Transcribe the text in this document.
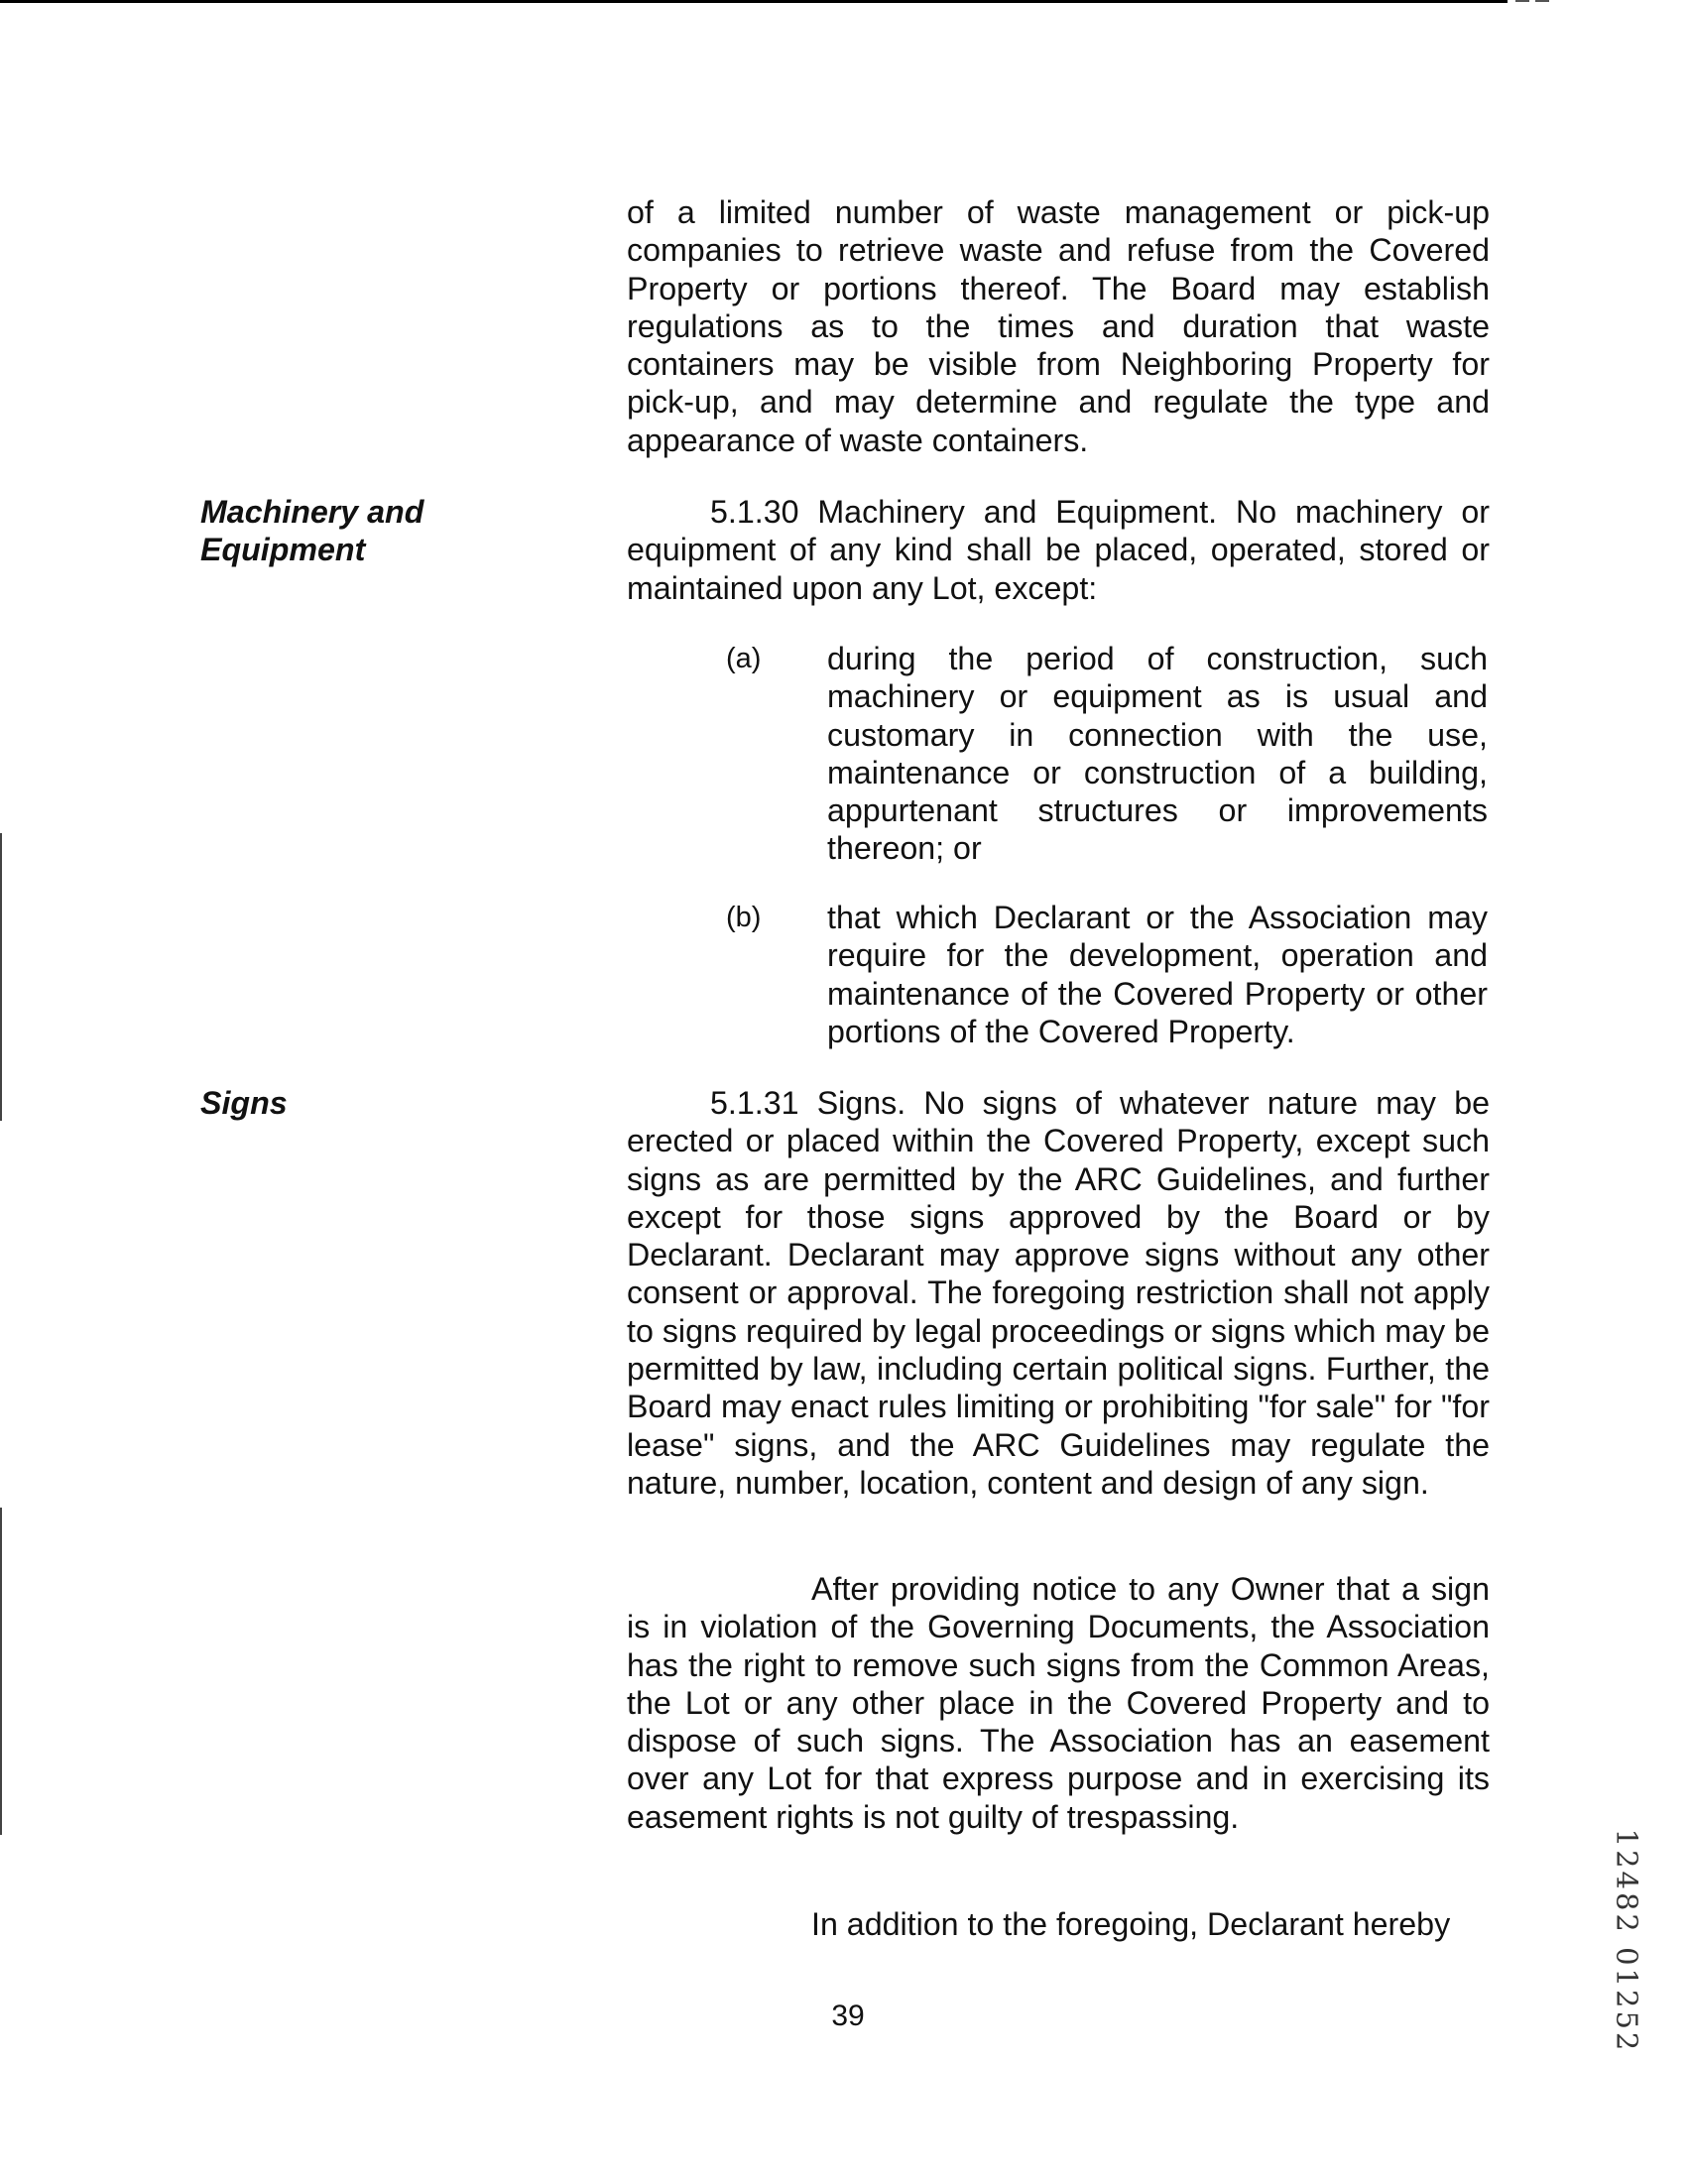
of a limited number of waste management or pick-up companies to retrieve waste and refuse from the Covered Property or portions thereof. The Board may establish regulations as to the times and duration that waste containers may be visible from Neighboring Property for pick-up, and may determine and regulate the type and appearance of waste containers.

Machinery and
Equipment

5.1.30 Machinery and Equipment. No machinery or equipment of any kind shall be placed, operated, stored or maintained upon any Lot, except:

(a)	during the period of construction, such machinery or equipment as is usual and customary in connection with the use, maintenance or construction of a building, appurtenant structures or improvements thereon; or
(b)	that which Declarant or the Association may require for the development, operation and maintenance of the Covered Property or other portions of the Covered Property.
Signs	5.1.31 Signs. No signs of whatever nature may be erected or placed within the Covered Property, except such signs as are permitted by the ARC Guidelines, and further except for those signs approved by the Board or by Declarant. Declarant may approve signs without any other consent or approval. The foregoing restriction shall not apply to signs required by legal proceedings or signs which may be permitted by law, including certain political signs. Further, the Board may enact rules limiting or prohibiting "for sale" for "for lease" signs, and the ARC Guidelines may regulate the nature, number, location, content and design of any sign.

After providing notice to any Owner that a sign is in violation of the Governing Documents, the Association has the right to remove such signs from the Common Areas, the Lot or any other place in the Covered Property and to dispose of such signs. The Association has an easement over any Lot for that express purpose and in exercising its easement rights is not guilty of trespassing.

In addition to the foregoing, Declarant hereby

39	12482 01252
